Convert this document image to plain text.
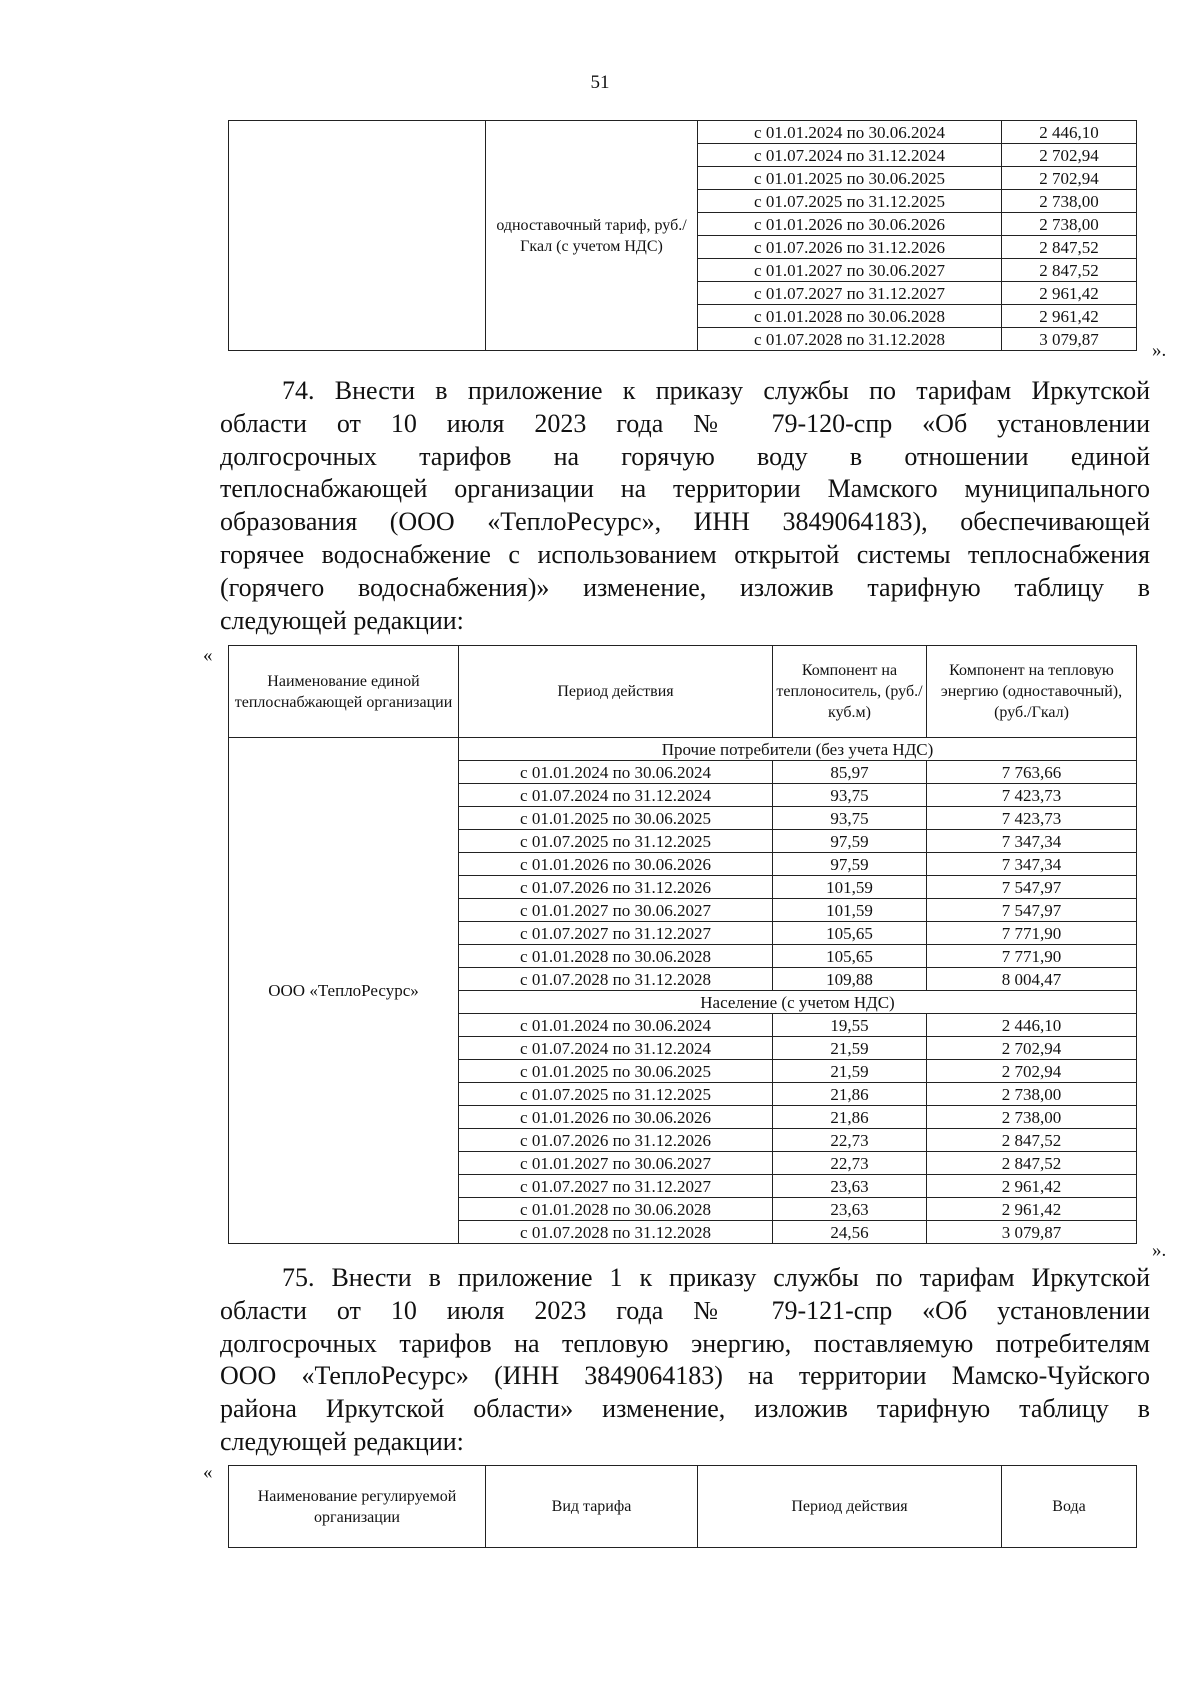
51
	одноставочный тариф, руб./Гкал (с учетом НДС)	с 01.01.2024 по 30.06.2024	2 446,10
		с 01.07.2024 по 31.12.2024	2 702,94
		с 01.01.2025 по 30.06.2025	2 702,94
		с 01.07.2025 по 31.12.2025	2 738,00
		с 01.01.2026 по 30.06.2026	2 738,00
		с 01.07.2026 по 31.12.2026	2 847,52
		с 01.01.2027 по 30.06.2027	2 847,52
		с 01.07.2027 по 31.12.2027	2 961,42
		с 01.01.2028 по 30.06.2028	2 961,42
		с 01.07.2028 по 31.12.2028	3 079,87
».
74. Внести в приложение к приказу службы по тарифам Иркутской
области от 10 июля 2023 года № 79-120-спр «Об установлении
долгосрочных тарифов на горячую воду в отношении единой
теплоснабжающей организации на территории Мамского муниципального
образования (ООО «ТеплоРесурс», ИНН 3849064183), обеспечивающей
горячее водоснабжение с использованием открытой системы теплоснабжения
(горячего водоснабжения)» изменение, изложив тарифную таблицу в
следующей редакции:
«
Наименование единой теплоснабжающей организации	Период действия	Компонент на теплоноситель, (руб./куб.м)	Компонент на тепловую энергию (одноставочный), (руб./Гкал)
ООО «ТеплоРесурс»	Прочие потребители (без учета НДС)		
	с 01.01.2024 по 30.06.2024	85,97	7 763,66
	с 01.07.2024 по 31.12.2024	93,75	7 423,73
	с 01.01.2025 по 30.06.2025	93,75	7 423,73
	с 01.07.2025 по 31.12.2025	97,59	7 347,34
	с 01.01.2026 по 30.06.2026	97,59	7 347,34
	с 01.07.2026 по 31.12.2026	101,59	7 547,97
	с 01.01.2027 по 30.06.2027	101,59	7 547,97
	с 01.07.2027 по 31.12.2027	105,65	7 771,90
	с 01.01.2028 по 30.06.2028	105,65	7 771,90
	с 01.07.2028 по 31.12.2028	109,88	8 004,47
	Население (с учетом НДС)		
	с 01.01.2024 по 30.06.2024	19,55	2 446,10
	с 01.07.2024 по 31.12.2024	21,59	2 702,94
	с 01.01.2025 по 30.06.2025	21,59	2 702,94
	с 01.07.2025 по 31.12.2025	21,86	2 738,00
	с 01.01.2026 по 30.06.2026	21,86	2 738,00
	с 01.07.2026 по 31.12.2026	22,73	2 847,52
	с 01.01.2027 по 30.06.2027	22,73	2 847,52
	с 01.07.2027 по 31.12.2027	23,63	2 961,42
	с 01.01.2028 по 30.06.2028	23,63	2 961,42
	с 01.07.2028 по 31.12.2028	24,56	3 079,87
».
75. Внести в приложение 1 к приказу службы по тарифам Иркутской
области от 10 июля 2023 года № 79-121-спр «Об установлении
долгосрочных тарифов на тепловую энергию, поставляемую потребителям
ООО «ТеплоРесурс» (ИНН 3849064183) на территории Мамско-Чуйского
района Иркутской области» изменение, изложив тарифную таблицу в
следующей редакции:
«
Наименование регулируемой организации	Вид тарифа	Период действия	Вода
